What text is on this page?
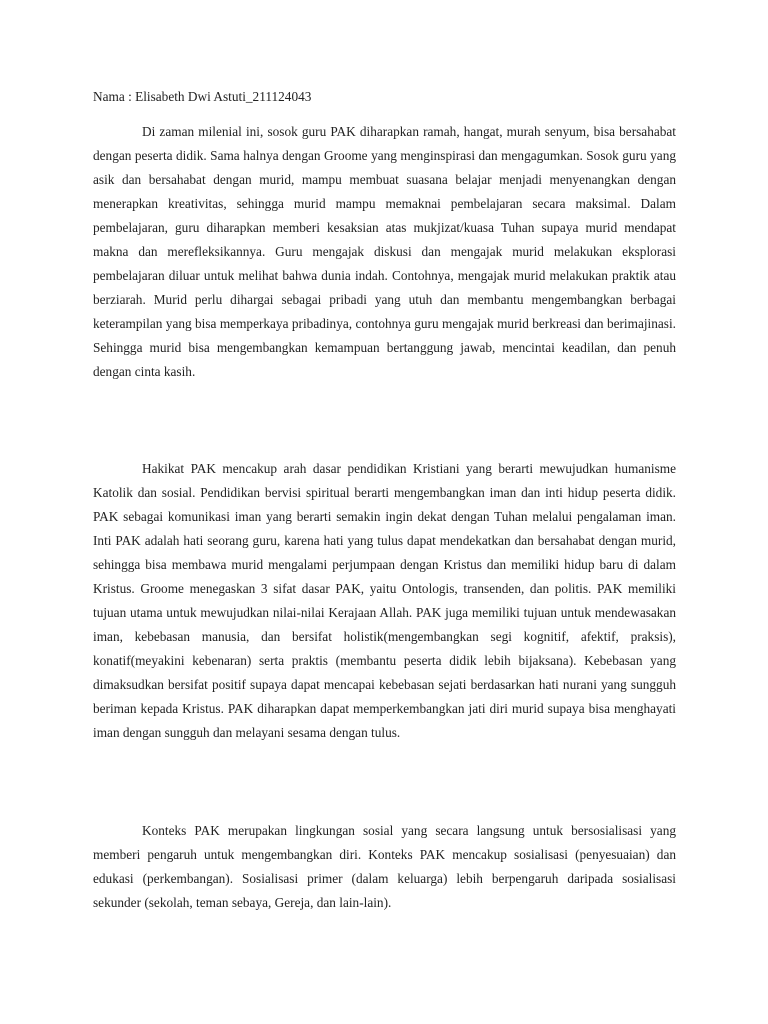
Nama : Elisabeth Dwi Astuti_211124043

Di zaman milenial ini, sosok guru PAK diharapkan ramah, hangat, murah senyum, bisa bersahabat dengan peserta didik. Sama halnya dengan Groome yang menginspirasi dan mengagumkan. Sosok guru yang asik dan bersahabat dengan murid, mampu membuat suasana belajar menjadi menyenangkan dengan menerapkan kreativitas, sehingga murid mampu memaknai pembelajaran secara maksimal. Dalam pembelajaran, guru diharapkan memberi kesaksian atas mukjizat/kuasa Tuhan supaya murid mendapat makna dan merefleksikannya. Guru mengajak diskusi dan mengajak murid melakukan eksplorasi pembelajaran diluar untuk melihat bahwa dunia indah. Contohnya, mengajak murid melakukan praktik atau berziarah. Murid perlu dihargai sebagai pribadi yang utuh dan membantu mengembangkan berbagai keterampilan yang bisa memperkaya pribadinya, contohnya guru mengajak murid berkreasi dan berimajinasi. Sehingga murid bisa mengembangkan kemampuan bertanggung jawab, mencintai keadilan, dan penuh dengan cinta kasih.

Hakikat PAK mencakup arah dasar pendidikan Kristiani yang berarti mewujudkan humanisme Katolik dan sosial. Pendidikan bervisi spiritual berarti mengembangkan iman dan inti hidup peserta didik. PAK sebagai komunikasi iman yang berarti semakin ingin dekat dengan Tuhan melalui pengalaman iman. Inti PAK adalah hati seorang guru, karena hati yang tulus dapat mendekatkan dan bersahabat dengan murid, sehingga bisa membawa murid mengalami perjumpaan dengan Kristus dan memiliki hidup baru di dalam Kristus. Groome menegaskan 3 sifat dasar PAK, yaitu Ontologis, transenden, dan politis. PAK memiliki tujuan utama untuk mewujudkan nilai-nilai Kerajaan Allah. PAK juga memiliki tujuan untuk mendewasakan iman, kebebasan manusia, dan bersifat holistik(mengembangkan segi kognitif, afektif, praksis), konatif(meyakini kebenaran) serta praktis (membantu peserta didik lebih bijaksana). Kebebasan yang dimaksudkan bersifat positif supaya dapat mencapai kebebasan sejati berdasarkan hati nurani yang sungguh beriman kepada Kristus. PAK diharapkan dapat memperkembangkan jati diri murid supaya bisa menghayati iman dengan sungguh dan melayani sesama dengan tulus.

Konteks PAK merupakan lingkungan sosial yang secara langsung untuk bersosialisasi yang memberi pengaruh untuk mengembangkan diri. Konteks PAK mencakup sosialisasi (penyesuaian) dan edukasi (perkembangan). Sosialisasi primer (dalam keluarga) lebih berpengaruh daripada sosialisasi sekunder (sekolah, teman sebaya, Gereja, dan lain-lain).
